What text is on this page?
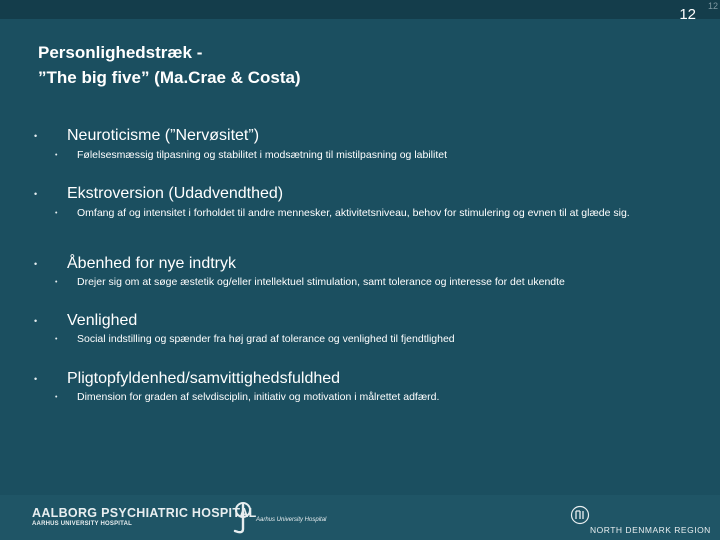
12 12
Personlighedstræk -
”The big five” (Ma.Crae & Costa)
• Neuroticisme (”Nervøsitet”)
• Følelsesmæssig tilpasning og stabilitet i modsætning til mistilpasning og labilitet
• Ekstroversion (Udadvendthed)
• Omfang af og intensitet i forholdet til andre mennesker, aktivitetsniveau, behov for stimulering og evnen til at glæde sig.
• Åbenhed for nye indtryk
• Drejer sig om at søge æstetik og/eller intellektuel stimulation, samt tolerance og interesse for det ukendte
• Venlighed
• Social indstilling og spænder fra høj grad af tolerance og venlighed til fjendtlighed
• Pligtopfyldenhed/samvittighedsfuldhed
• Dimension for graden af selvdisciplin, initiativ og motivation i målrettet adfærd.
AALBORG PSYCHIATRIC HOSPITAL
AARHUS UNIVERSITY HOSPITAL
Aarhus University Hospital
NORTH DENMARK REGION
